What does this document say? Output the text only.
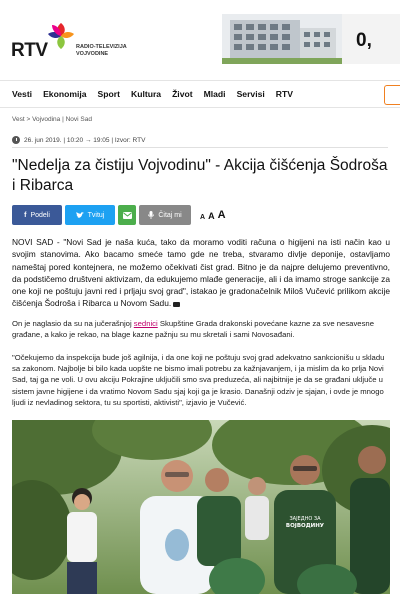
RTV	RADIO-TELEVIZIJA
VOJVODINE
0,
Vesti Ekonomija Sport Kultura Život Mladi Servisi RTV
Vest > Vojvodina | Novi Sad
26. jun 2019. | 10:20 → 19:05 | Izvor: RTV
"Nedelja za čistiju Vojvodinu" - Akcija čišćenja Šodroša i Ribarca
f Podeli	Tvituj	Čitaj mi	A A A

NOVI SAD - "Novi Sad je naša kuća, tako da moramo voditi računa o higijeni na isti način kao u svojim stanovima. Ako bacamo smeće tamo gde ne treba, stvaramo divlje deponije, ostavljamo nameštaj pored kontejnera, ne možemo očekivati čist grad. Bitno je da najpre delujemo preventivno, da podstičemo društveni aktivizam, da edukujemo mlađe generacije, ali i da imamo stroge sankcije za one koji ne poštuju javni red i prljaju svoj grad", istakao je gradonačelnik Miloš Vučević prilikom akcije čišćenja Šodroša i Ribarca u Novom Sadu.

On je naglasio da su na jučerašnjoj sednici Skupštine Grada drakonski povećane kazne za sve nesavesne građane, a kako je rekao, na blage kazne pažnju su mu skretali i sami Novosađani.

"Očekujemo da inspekcija bude još agilnija, i da one koji ne poštuju svoj grad adekvatno sankcionišu u skladu sa zakonom. Najbolje bi bilo kada uopšte ne bismo imali potrebu za kažnjavanjem, i ja mislim da ko prlja Novi Sad, taj ga ne voli. U ovu akciju Pokrajine uključili smo sva preduzeća, ali najbitnije je da se građani uključe u sistem javne higijene i da vratimo Novom Sadu sjaj koji ga je krasio. Današnji odziv je sjajan, i ovde je mnogo ljudi iz nevladinog sektora, tu su sportisti, aktivisti", izjavio je Vučević.

ЗАЈЕДНО ЗА
ВОЈВОДИНУ
